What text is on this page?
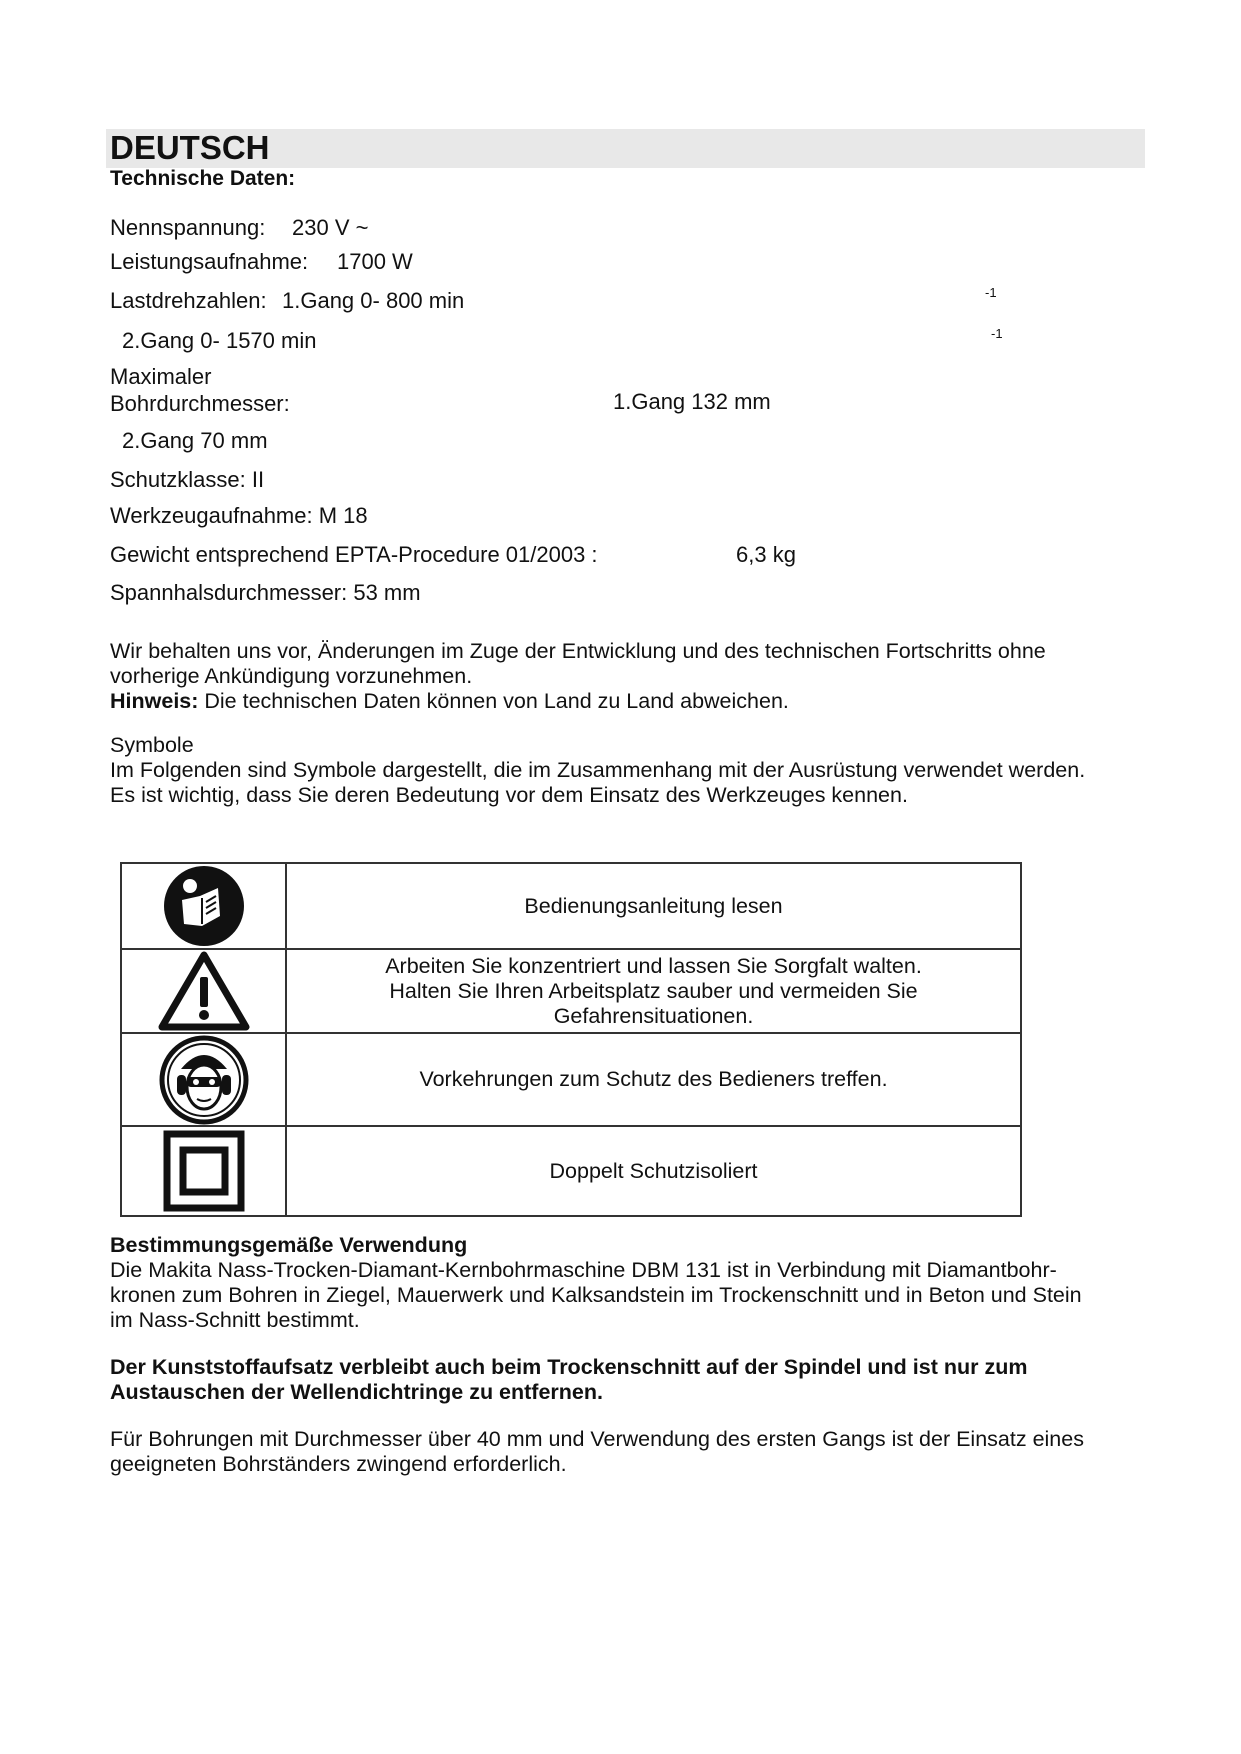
DEUTSCH
Technische Daten:
Nennspannung: 230 V ~
Leistungsaufnahme: 1700 W
Lastdrehzahlen: 1.Gang 0- 800 min	-1
2.Gang 0- 1570 min	-1
Maximaler
Bohrdurchmesser:	1.Gang 132 mm
2.Gang 70 mm
Schutzklasse: II
Werkzeugaufnahme: M 18
Gewicht entsprechend EPTA-Procedure 01/2003 :	6,3 kg
Spannhalsdurchmesser: 53 mm
Wir behalten uns vor, Änderungen im Zuge der Entwicklung und des technischen Fortschritts ohne
vorherige Ankündigung vorzunehmen.
Hinweis: Die technischen Daten können von Land zu Land abweichen.
Symbole
Im Folgenden sind Symbole dargestellt, die im Zusammenhang mit der Ausrüstung verwendet werden.
Es ist wichtig, dass Sie deren Bedeutung vor dem Einsatz des Werkzeuges kennen.

Bedienungsanleitung lesen

Arbeiten Sie konzentriert und lassen Sie Sorgfalt walten.
Halten Sie Ihren Arbeitsplatz sauber und vermeiden Sie
Gefahrensituationen.

Vorkehrungen zum Schutz des Bedieners treffen.

Doppelt Schutzisoliert
Bestimmungsgemäße Verwendung
Die Makita Nass-Trocken-Diamant-Kernbohrmaschine DBM 131 ist in Verbindung mit Diamantbohr-
kronen zum Bohren in Ziegel, Mauerwerk und Kalksandstein im Trockenschnitt und in Beton und Stein
im Nass-Schnitt bestimmt.
Der Kunststoffaufsatz verbleibt auch beim Trockenschnitt auf der Spindel und ist nur zum
Austauschen der Wellendichtringe zu entfernen.
Für Bohrungen mit Durchmesser über 40 mm und Verwendung des ersten Gangs ist der Einsatz eines
geeigneten Bohrständers zwingend erforderlich.
